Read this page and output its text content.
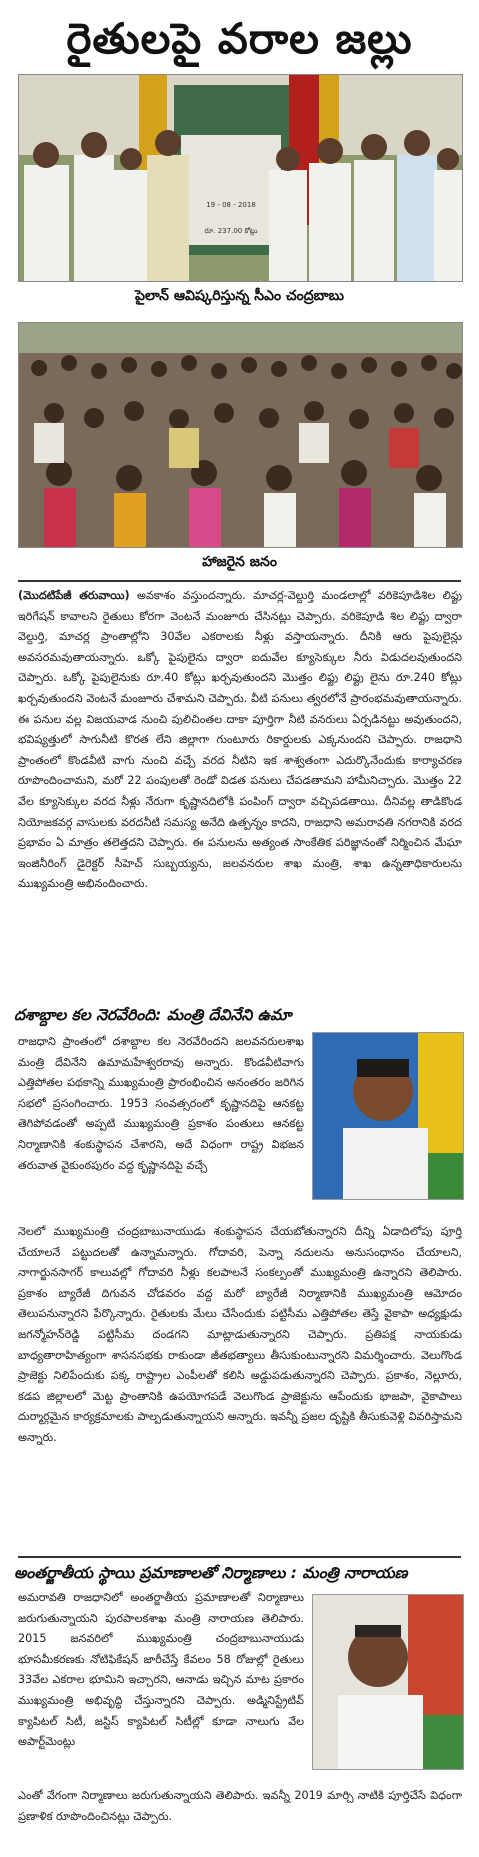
రైతులపై వరాల జల్లు
19 - 08 - 2018
రూ. 237.00 కోట్లు
పైలాన్ ఆవిష్కరిస్తున్న సీఎం చంద్రబాబు
హాజరైన జనం
(మొదటిపేజీ తరువాయి) అవకాశం వస్తుందన్నారు. మాచర్ల-వెల్దుర్తి మండలాల్లో వరికెపూడిశిల లిఫ్టు ఇరిగేషన్ కావాలని రైతులు కోరగా వెంటనే మంజూరు చేసినట్లు చెప్పారు. వరికెపూడి శిల లిఫ్టు ద్వారా వెల్దుర్తి, మాచర్ల ప్రాంతాల్లోని 30వేల ఎకరాలకు నీళ్లు వస్తాయన్నారు. దీనికి ఆరు పైపులైన్లు అవసరమవుతాయన్నారు. ఒక్కో పైపులైను ద్వారా ఐదువేల క్యూసెక్కుల నీరు విడుదలవుతుందని చెప్పారు. ఒక్కో పైపులైనుకు రూ.40 కోట్లు ఖర్చవుతుందని మొత్తం లిఫ్టు లిఫ్టు లైను రూ.240 కోట్లు ఖర్చవుతుందని వెంటనే మంజూరు చేశామని చెప్పారు. వీటి పనులు త్వరలోనే ప్రారంభమవుతాయన్నారు. ఈ పనుల వల్ల విజయవాడ నుంచి పులిచింతల దాకా పూర్తిగా నీటి వనరులు ఏర్పడినట్టు అవుతుందని, భవిష్యత్తులో సాగునీటి కొరత లేని జిల్లాగా గుంటూరు రికార్డులకు ఎక్కనుందని చెప్పారు. రాజధాని ప్రాంతంలో కొండవీటి వాగు నుంచి వచ్చే వరద నీటిని ఇక శాశ్వతంగా ఎదుర్కొనేందుకు కార్యాచరణ రూపొందించామని, మరో 22 పంపులతో రెండో విడత పనులు చేపడతామని హామీనిచ్చారు. మొత్తం 22 వేల క్యూసెక్కుల వరద నీళ్లు నేరుగా కృష్ణానదిలోకి పంపింగ్ ద్వారా వచ్చిపడతాయి. దీనివల్ల తాడికొండ నియోజకవర్గ వాసులకు వరదనీటి సమస్య అనేది ఉత్పన్నం కాదని, రాజధాని అమరావతి నగరానికి వరద ప్రభావం ఏ మాత్రం తలెత్తదని చెప్పారు. ఈ పనులను అత్యంత సాంకేతిక పరిజ్ఞానంతో నిర్మించిన మేఘా ఇంజినీరింగ్ డైరెక్టర్ సీహెచ్ సుబ్బయ్యను, జలవనరుల శాఖ మంత్రి, శాఖ ఉన్నతాధికారులను ముఖ్యమంత్రి అభినందించారు.
దశాబ్దాల కల నెరవేరింది: మంత్రి దేవినేని ఉమా
రాజధాని ప్రాంతంలో దశాబ్దాల కల నెరవేరిందని జలవనరులశాఖ మంత్రి దేవినేని ఉమామహేశ్వరరావు అన్నారు. కొండవీటివాగు ఎత్తిపోతల పథకాన్ని ముఖ్యమంత్రి ప్రారంభించిన అనంతరం జరిగిన సభలో ప్రసంగించారు. 1953 సంవత్సరంలో కృష్ణానదిపై ఆనకట్ట తెగిపోవడంతో అప్పటి ముఖ్యమంత్రి ప్రకాశం పంతులు ఆనకట్ట నిర్మాణానికి శంకుస్థాపన చేశారని, అదే విధంగా రాష్ట్ర విభజన తరువాత వైకుంఠపురం వద్ద కృష్ణానదిపై వచ్చే
నెలలో ముఖ్యమంత్రి చంద్రబాబునాయుడు శంకుస్థాపన చేయబోతున్నారని దీన్ని ఏడాదిలోపు పూర్తి చేయాలనే పట్టుదలతో ఉన్నామన్నారు. గోదావరి, పెన్నా నదులను అనుసంధానం చేయాలని, నాగార్జునసాగర్ కాలువల్లో గోదావరి నీళ్లు కలపాలనే సంకల్పంతో ముఖ్యమంత్రి ఉన్నారని తెలిపారు. ప్రకాశం బ్యారేజీ దిగువన చోడవరం వద్ద మరో బ్యారేజీ నిర్మాణానికి ముఖ్యమంత్రి ఆమోదం తెలుపనున్నారని పేర్కొన్నారు. రైతులకు మేలు చేసేందుకు పట్టిసీమ ఎత్తిపోతల తెస్తే వైకాపా అధ్యక్షుడు జగన్మోహన్‌రెడ్డి పట్టిసీమ దండగని మాట్లాడుతున్నారని చెప్పారు. ప్రతిపక్ష నాయకుడు బాధ్యతారాహిత్యంగా శాసనసభకు రాకుండా జీతభత్యాలు తీసుకుంటున్నారని విమర్శించారు. వెలుగొండ ప్రాజెక్టు నిలిపేందుకు పక్క రాష్ట్రాల ఎంపీలతో కలిసి అడ్డుపడుతున్నారని చెప్పారు. ప్రకాశం, నెల్లూరు, కడప జిల్లాలలో మెట్ట ప్రాంతానికి ఉపయోగపడే వెలుగొండ ప్రాజెక్టును ఆపేందుకు భాజపా, వైకాపాలు దుర్మార్గమైన కార్యక్రమాలకు పాల్పడుతున్నాయని అన్నారు. ఇవన్నీ ప్రజల దృష్టికి తీసుకువెళ్లి వివరిస్తామని అన్నారు.
అంతర్జాతీయ స్థాయి ప్రమాణాలతో నిర్మాణాలు : మంత్రి నారాయణ
అమరావతి రాజధానిలో అంతర్జాతీయ ప్రమాణాలతో నిర్మాణాలు జరుగుతున్నాయని పురపాలకశాఖ మంత్రి నారాయణ తెలిపారు. 2015 జనవరిలో ముఖ్యమంత్రి చంద్రబాబునాయుడు భూసమీకరణకు నోటిఫికేషన్ జారీచేస్తే కేవలం 58 రోజుల్లో రైతులు 33వేల ఎకరాల భూమిని ఇచ్చారని, ఆనాడు ఇచ్చిన మాట ప్రకారం ముఖ్యమంత్రి అభివృద్ధి చేస్తున్నారని చెప్పారు. అడ్మినిస్ట్రేటివ్ క్యాపిటల్ సిటీ, జస్టిస్ క్యాపిటల్ సిటీల్లో కూడా నాలుగు వేల అపార్ట్‌మెంట్లు
ఎంతో వేగంగా నిర్మాణాలు జరుగుతున్నాయని తెలిపారు. ఇవన్నీ 2019 మార్చి నాటికి పూర్తిచేసే విధంగా ప్రణాళిక రూపొందించినట్లు చెప్పారు.
